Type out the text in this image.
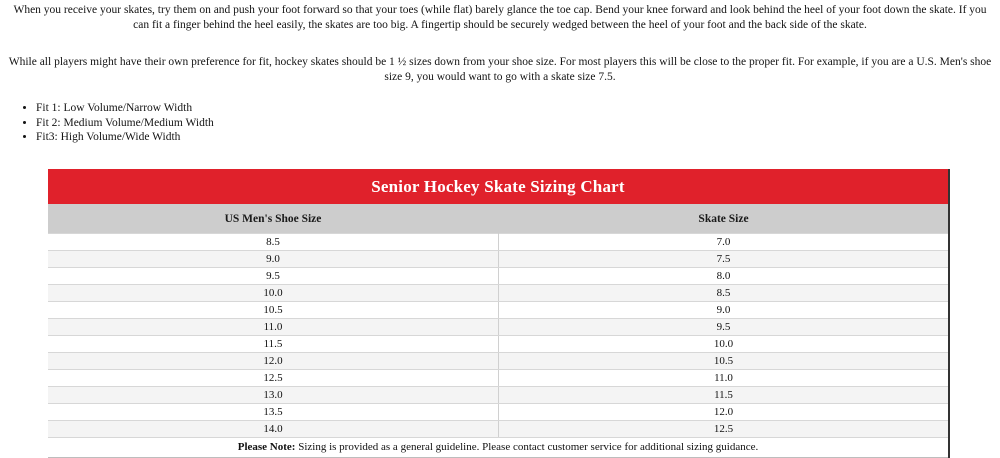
When you receive your skates, try them on and push your foot forward so that your toes (while flat) barely glance the toe cap. Bend your knee forward and look behind the heel of your foot down the skate. If you can fit a finger behind the heel easily, the skates are too big. A fingertip should be securely wedged between the heel of your foot and the back side of the skate.

While all players might have their own preference for fit, hockey skates should be 1 ½ sizes down from your shoe size. For most players this will be close to the proper fit. For example, if you are a U.S. Men's shoe size 9, you would want to go with a skate size 7.5.

• Fit 1: Low Volume/Narrow Width
• Fit 2: Medium Volume/Medium Width
• Fit3: High Volume/Wide Width
Senior Hockey Skate Sizing Chart	
US Men's Shoe Size	Skate Size
8.5	7.0
9.0	7.5
9.5	8.0
10.0	8.5
10.5	9.0
11.0	9.5
11.5	10.0
12.0	10.5
12.5	11.0
13.0	11.5
13.5	12.0
14.0	12.5
Please Note: Sizing is provided as a general guideline. Please contact customer service for additional sizing guidance.	
